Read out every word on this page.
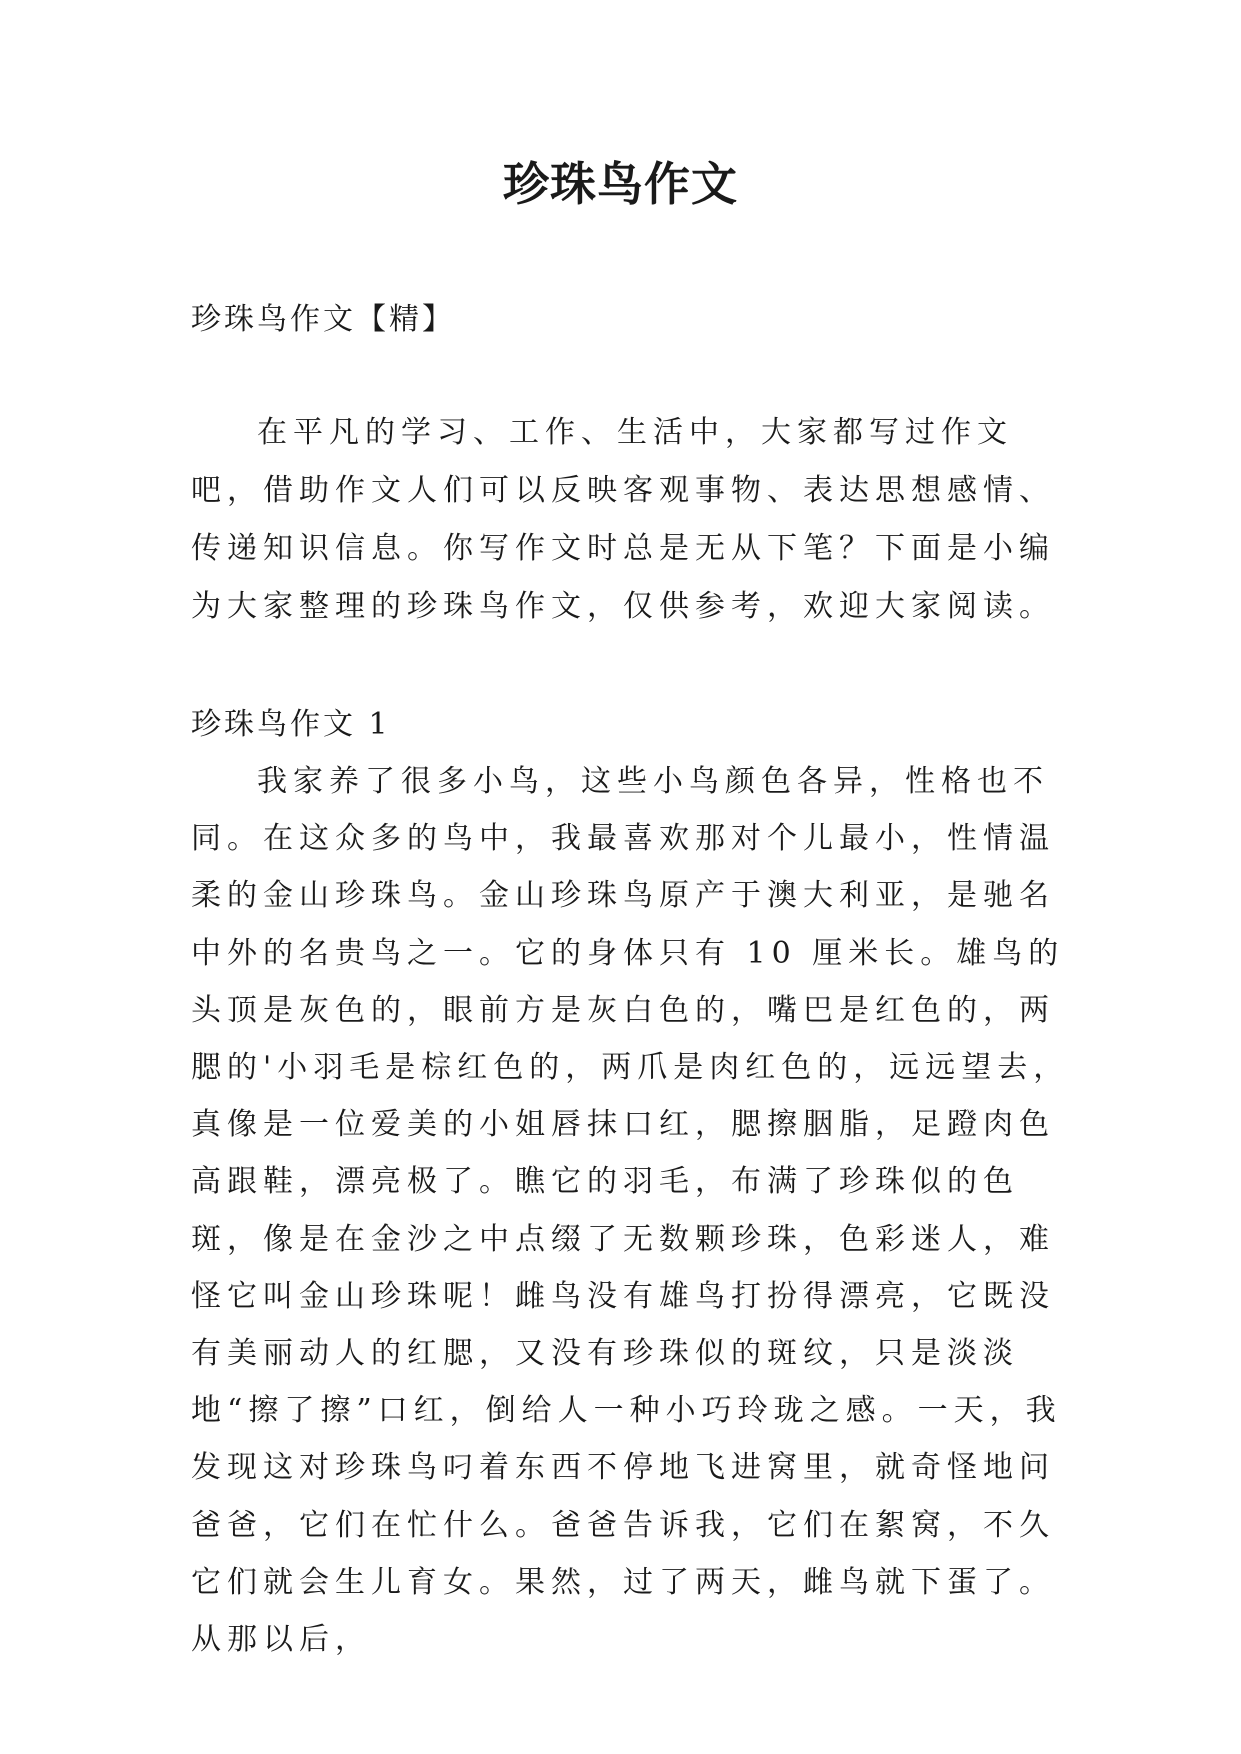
珍珠鸟作文
珍珠鸟作文【精】

在平凡的学习、工作、生活中，大家都写过作文吧，借助作文人们可以反映客观事物、表达思想感情、传递知识信息。你写作文时总是无从下笔？下面是小编为大家整理的珍珠鸟作文，仅供参考，欢迎大家阅读。

珍珠鸟作文 1

我家养了很多小鸟，这些小鸟颜色各异，性格也不同。在这众多的鸟中，我最喜欢那对个儿最小，性情温柔的金山珍珠鸟。金山珍珠鸟原产于澳大利亚，是驰名中外的名贵鸟之一。它的身体只有 10 厘米长。雄鸟的头顶是灰色的，眼前方是灰白色的，嘴巴是红色的，两腮的'小羽毛是棕红色的，两爪是肉红色的，远远望去，真像是一位爱美的小姐唇抹口红，腮擦胭脂，足蹬肉色高跟鞋，漂亮极了。瞧它的羽毛，布满了珍珠似的色斑，像是在金沙之中点缀了无数颗珍珠，色彩迷人，难怪它叫金山珍珠呢！雌鸟没有雄鸟打扮得漂亮，它既没有美丽动人的红腮，又没有珍珠似的斑纹，只是淡淡地“擦了擦”口红，倒给人一种小巧玲珑之感。一天，我发现这对珍珠鸟叼着东西不停地飞进窝里，就奇怪地问爸爸，它们在忙什么。爸爸告诉我，它们在絮窝，不久它们就会生儿育女。果然，过了两天，雌鸟就下蛋了。从那以后，
